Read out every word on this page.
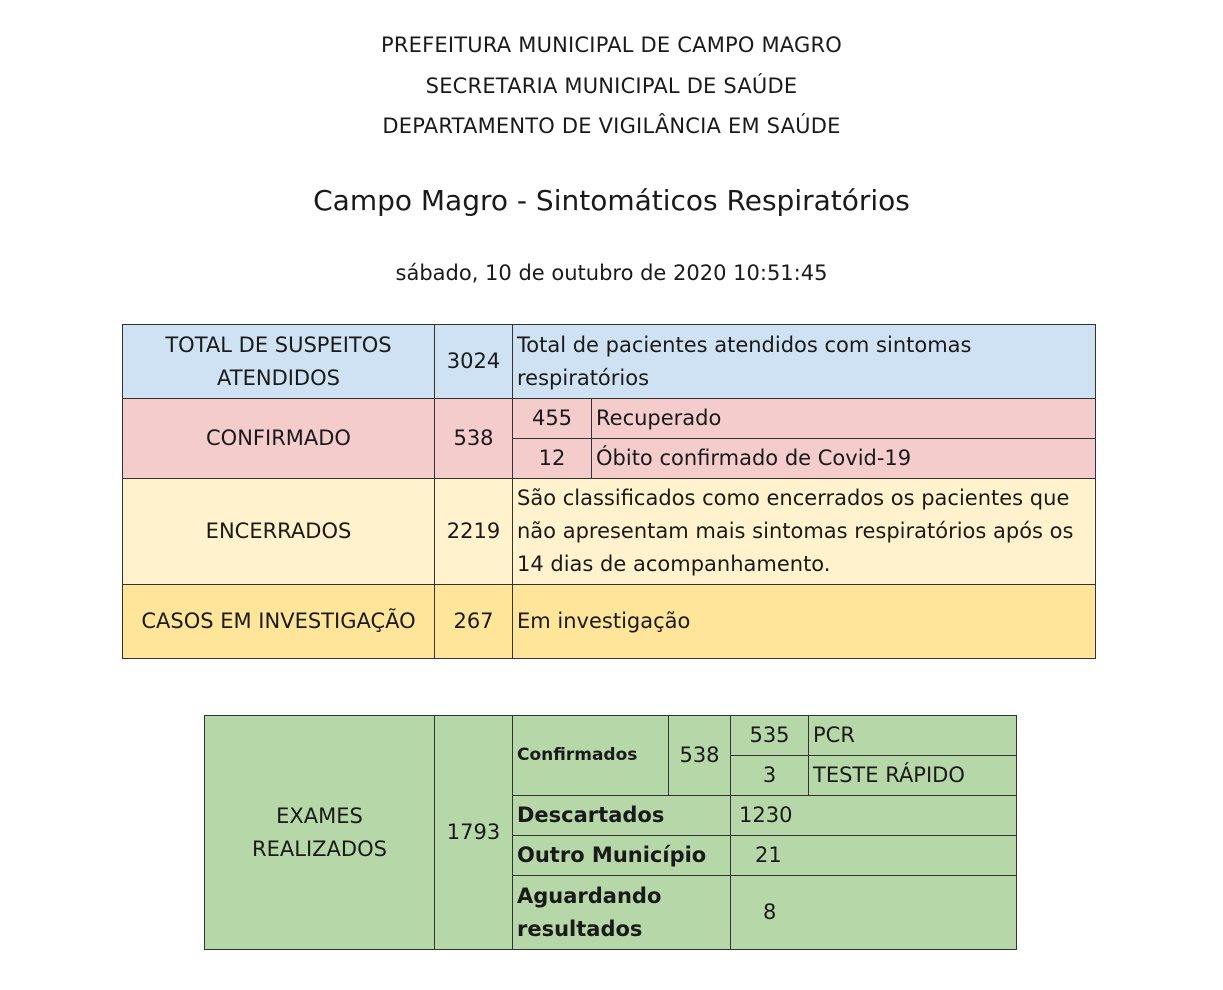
PREFEITURA MUNICIPAL DE CAMPO MAGRO
SECRETARIA MUNICIPAL DE SAÚDE
DEPARTAMENTO DE VIGILÂNCIA EM SAÚDE
Campo Magro - Sintomáticos Respiratórios
sábado, 10 de outubro de 2020 10:51:45
TOTAL DE SUSPEITOS ATENDIDOS	3024	Total de pacientes atendidos com sintomas respiratórios	
CONFIRMADO	538	455	Recuperado
		12	Óbito confirmado de Covid-19
ENCERRADOS	2219	São classificados como encerrados os pacientes que não apresentam mais sintomas respiratórios após os 14 dias de acompanhamento.	
CASOS EM INVESTIGAÇÃO	267	Em investigação	
EXAMES REALIZADOS	1793	Confirmados	538	535	PCR
				3	TESTE RÁPIDO
		Descartados		1230	
		Outro Município		21	
		Aguardando resultados		8	
